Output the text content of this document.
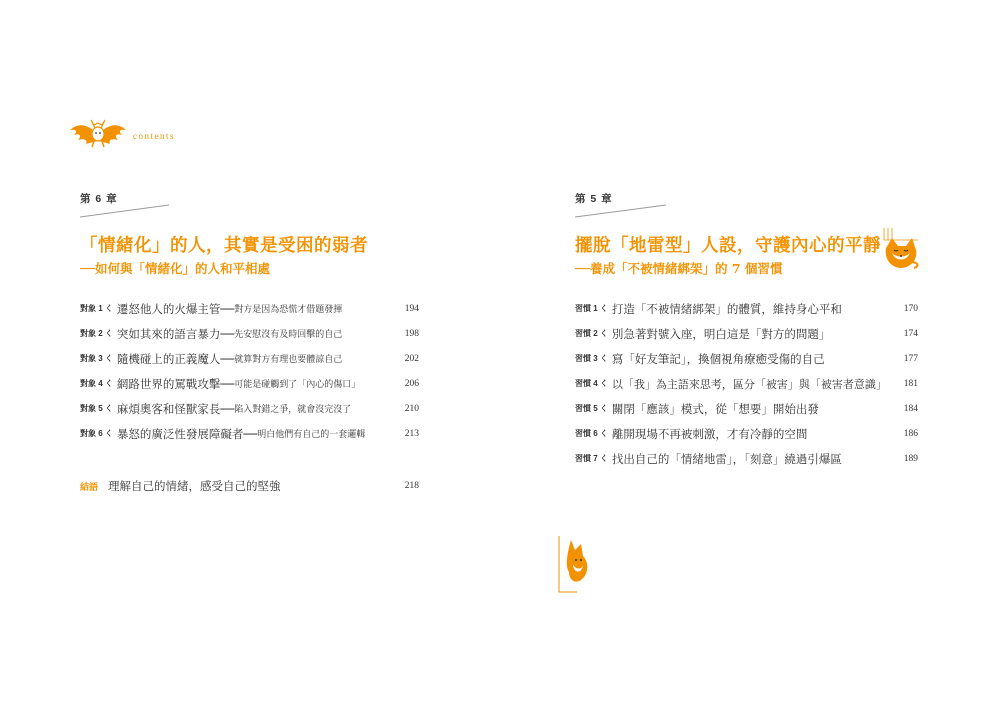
contents
第 6 章
「情緒化」的人，其實是受困的弱者
──如何與「情緒化」的人和平相處
對象 1 く 遷怒他人的火爆主管── 對方是因為恐慌才借題發揮	194
對象 2 く 突如其來的語言暴力── 先安慰沒有及時回擊的自己	198
對象 3 く 隨機碰上的正義魔人── 就算對方有理也要體諒自己	202
對象 4 く 網路世界的罵戰攻擊── 可能是碰觸到了「內心的傷口」	206
對象 5 く 麻煩奧客和怪獸家長── 陷入對錯之爭，就會沒完沒了	210
對象 6 く 暴怒的廣泛性發展障礙者── 明白他們有自己的一套邏輯	213
結語 理解自己的情緒，感受自己的堅強	218
第 5 章
擺脫「地雷型」人設，守護內心的平靜
──養成「不被情緒綁架」的 7 個習慣
習慣 1 く 打造「不被情緒綁架」的體質，維持身心平和	170
習慣 2 く 別急著對號入座，明白這是「對方的問題」	174
習慣 3 く 寫「好友筆記」，換個視角療癒受傷的自己	177
習慣 4 く 以「我」為主語來思考，區分「被害」與「被害者意識」 181
習慣 5 く 關閉「應該」模式，從「想要」開始出發	184
習慣 6 く 離開現場不再被刺激，才有冷靜的空間	186
習慣 7 く 找出自己的「情緒地雷」，「刻意」繞過引爆區	189
